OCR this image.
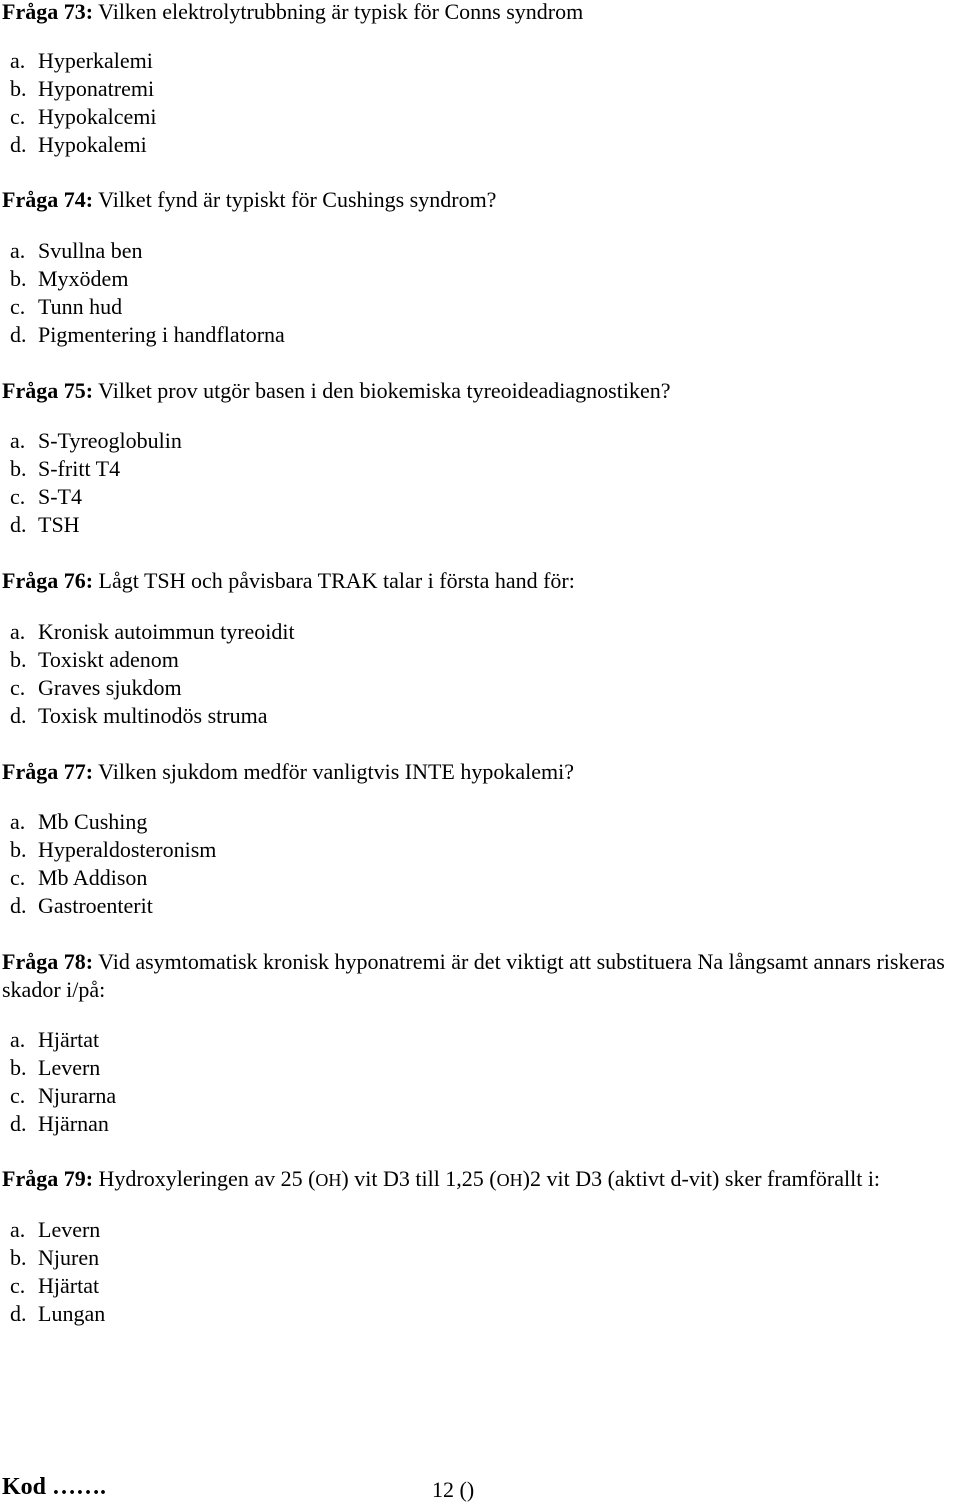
Fråga 73: Vilken elektrolytrubbning är typisk för Conns syndrom
a. Hyperkalemi
b. Hyponatremi
c. Hypokalcemi
d. Hypokalemi
Fråga 74: Vilket fynd är typiskt för Cushings syndrom?
a. Svullna ben
b. Myxödem
c. Tunn hud
d. Pigmentering i handflatorna
Fråga 75: Vilket prov utgör basen i den biokemiska tyreoideadiagnostiken?
a. S-Tyreoglobulin
b. S-fritt T4
c. S-T4
d. TSH
Fråga 76: Lågt TSH och påvisbara TRAK talar i första hand för:
a. Kronisk autoimmun tyreoidit
b. Toxiskt adenom
c. Graves sjukdom
d. Toxisk multinodös struma
Fråga 77: Vilken sjukdom medför vanligtvis INTE hypokalemi?
a. Mb Cushing
b. Hyperaldosteronism
c. Mb Addison
d. Gastroenterit
Fråga 78: Vid asymtomatisk kronisk hyponatremi är det viktigt att substituera Na långsamt annars riskeras skador i/på:
a. Hjärtat
b. Levern
c. Njurarna
d. Hjärnan
Fråga 79: Hydroxyleringen av 25 (OH) vit D3 till 1,25 (OH)2 vit D3 (aktivt d-vit) sker framförallt i:
a. Levern
b. Njuren
c. Hjärtat
d. Lungan
Kod …….	12 ()
